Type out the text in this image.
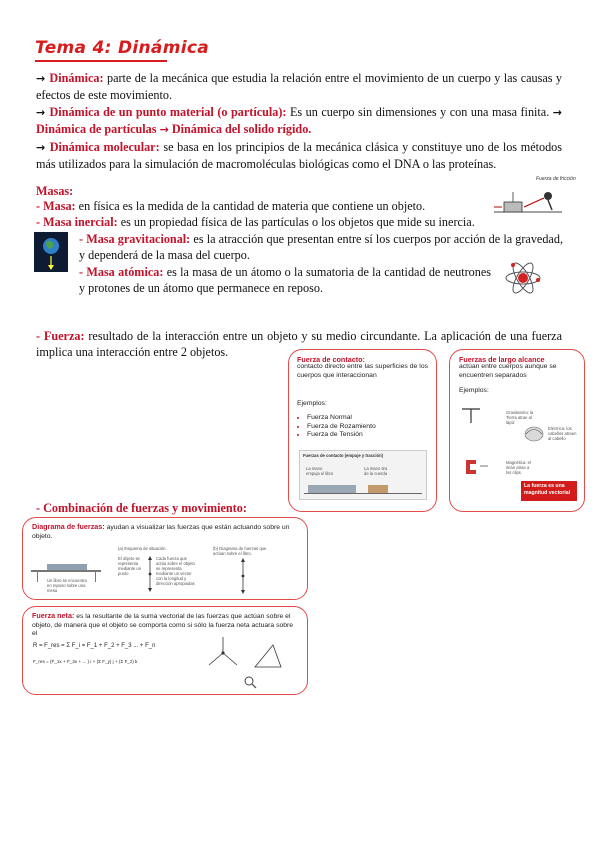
Tema 4: Dinámica
→ Dinámica: parte de la mecánica que estudia la relación entre el movimiento de un cuerpo y las causas y efectos de este movimiento.
→ Dinámica de un punto material (o partícula): Es un cuerpo sin dimensiones y con una masa finita. → Dinámica de partículas → Dinámica del solido rígido.
→ Dinámica molecular: se basa en los principios de la mecánica clásica y constituye uno de los métodos más utilizados para la simulación de macromoléculas biológicas como el DNA o las proteínas.
Masas:
- Masa: en física es la medida de la cantidad de materia que contiene un objeto.
- Masa inercial: es un propiedad física de las partículas o los objetos que mide su inercia.
- Masa gravitacional: es la atracción que presentan entre sí los cuerpos por acción de la gravedad, y dependerá de la masa del cuerpo.
- Masa atómica: es la masa de un átomo o la sumatoria de la cantidad de neutrones y protones de un átomo que permanece en reposo.
Fuerza de fricción
- Fuerza: resultado de la interacción entre un objeto y su medio circundante. La aplicación de una fuerza implica una interacción entre 2 objetos.
Fuerza de contacto:
contacto directo entre las superficies de los cuerpos que interaccionan
Ejemplos:
• Fuerza Normal
• Fuerza de Rozamiento
• Fuerza de Tensión
Fuerzas de contacto (empuje y tracción)
La mano empuja el libro
La mano tira de la cuerda
Fuerzas de largo alcance
actúan entre cuerpos aunque se encuentren separados
Ejemplos:
Gravitatoria: la Tierra atrae al lápiz
Eléctrica: los cabellos atraen al cabello
Magnética: el imán atrae a los clips
La fuerza es una magnitud vectorial
- Combinación de fuerzas y movimiento:
Diagrama de fuerzas: ayudan a visualizar las fuerzas que están actuando sobre un objeto.
Un libro se encuentra en reposo sobre una mesa
(a) Esquema de situación.
El objeto se representa mediante un punto
Cada fuerza que actúa sobre el objeto se representa mediante un vector con la longitud y dirección apropiadas
(b) Diagrama de fuerzas que actúan sobre el libro.
Fuerza neta: es la resultante de la suma vectorial de las fuerzas que actúan sobre el objeto, de manera que el objeto se comporta como si sólo la fuerza neta actuara sobre el
R = F_res = Σ F_i = F_1 + F_2 + F_3 ... + F_n
F_res = (F_1x + F_2x + ... ) i + (Σ F_y) j + (Σ F_z) k
